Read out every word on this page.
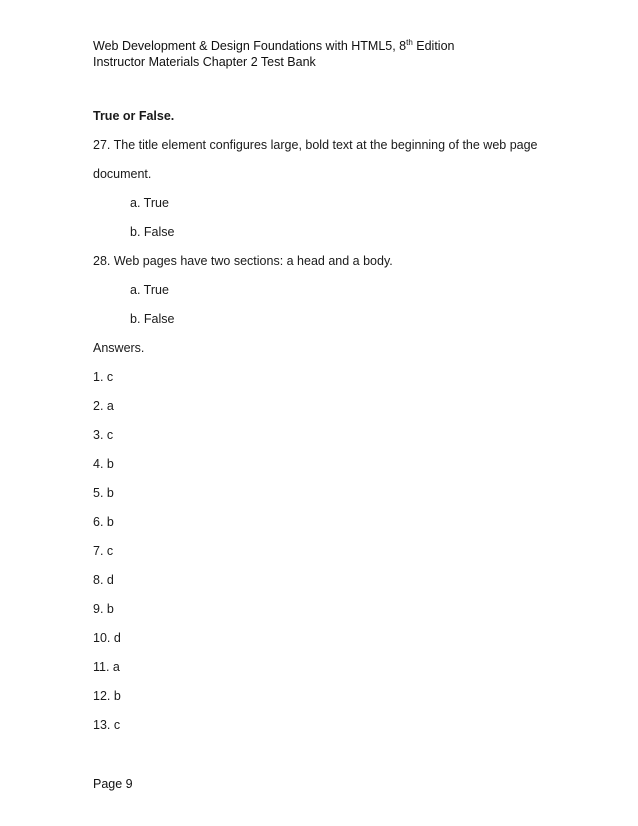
Web Development & Design Foundations with HTML5, 8th Edition
Instructor Materials Chapter 2 Test Bank

True or False.

27. The title element configures large, bold text at the beginning of the web page

document.

a. True

b. False

28. Web pages have two sections: a head and a body.

a. True

b. False

Answers.

1. c

2. a

3. c

4. b

5. b

6. b

7. c

8. d

9. b

10. d

11. a

12. b

13. c

Page 9
